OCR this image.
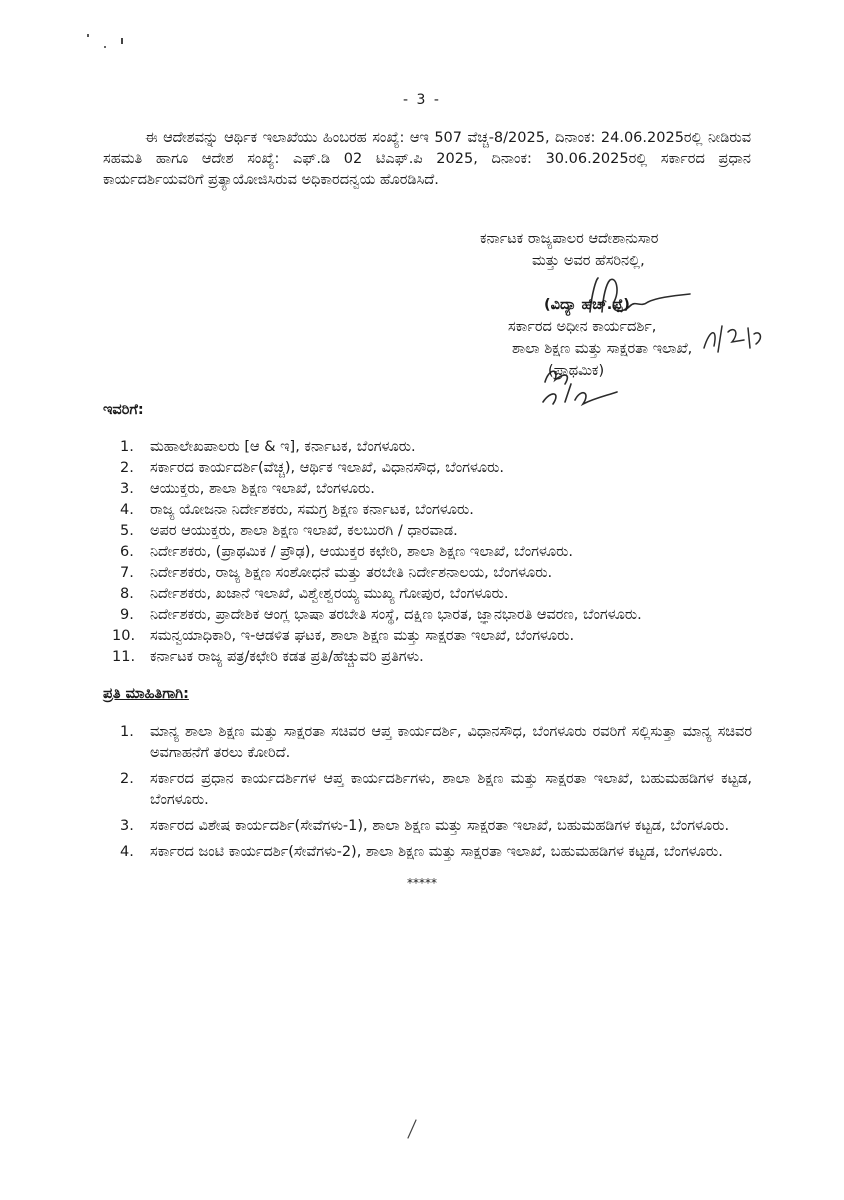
- 3 -

ಈ ಆದೇಶವನ್ನು ಆರ್ಥಿಕ ಇಲಾಖೆಯು ಹಿಂಬರಹ ಸಂಖ್ಯೆ: ಆಇ 507 ವೆಚ್ಚ-8/2025, ದಿನಾಂಕ: 24.06.2025ರಲ್ಲಿ ನೀಡಿರುವ ಸಹಮತಿ ಹಾಗೂ ಆದೇಶ ಸಂಖ್ಯೆ: ಎಫ್.ಡಿ 02 ಟಿಎಫ್.ಪಿ 2025, ದಿನಾಂಕ: 30.06.2025ರಲ್ಲಿ ಸರ್ಕಾರದ ಪ್ರಧಾನ ಕಾರ್ಯದರ್ಶಿಯವರಿಗೆ ಪ್ರತ್ಯಾಯೋಜಿಸಿರುವ ಅಧಿಕಾರದನ್ವಯ ಹೊರಡಿಸಿದೆ.

ಕರ್ನಾಟಕ ರಾಜ್ಯಪಾಲರ ಆದೇಶಾನುಸಾರ
ಮತ್ತು ಅವರ ಹೆಸರಿನಲ್ಲಿ,
(ವಿದ್ಯಾ ಹೆಚ್.ಪ್ಪೆ)
ಸರ್ಕಾರದ ಅಧೀನ ಕಾರ್ಯದರ್ಶಿ,
ಶಾಲಾ ಶಿಕ್ಷಣ ಮತ್ತು ಸಾಕ್ಷರತಾ ಇಲಾಖೆ,
(ಪ್ರಾಥಮಿಕ)
ಇವರಿಗೆ:
1. ಮಹಾಲೇಖಪಾಲರು [ಆ & ಇ], ಕರ್ನಾಟಕ, ಬೆಂಗಳೂರು.
2. ಸರ್ಕಾರದ ಕಾರ್ಯದರ್ಶಿ(ವೆಚ್ಚ), ಆರ್ಥಿಕ ಇಲಾಖೆ, ವಿಧಾನಸೌಧ, ಬೆಂಗಳೂರು.
3. ಆಯುಕ್ತರು, ಶಾಲಾ ಶಿಕ್ಷಣ ಇಲಾಖೆ, ಬೆಂಗಳೂರು.
4. ರಾಜ್ಯ ಯೋಜನಾ ನಿರ್ದೇಶಕರು, ಸಮಗ್ರ ಶಿಕ್ಷಣ ಕರ್ನಾಟಕ, ಬೆಂಗಳೂರು.
5. ಅಪರ ಆಯುಕ್ತರು, ಶಾಲಾ ಶಿಕ್ಷಣ ಇಲಾಖೆ, ಕಲಬುರಗಿ / ಧಾರವಾಡ.
6. ನಿರ್ದೇಶಕರು, (ಪ್ರಾಥಮಿಕ / ಪ್ರೌಢ), ಆಯುಕ್ತರ ಕಛೇರಿ, ಶಾಲಾ ಶಿಕ್ಷಣ ಇಲಾಖೆ, ಬೆಂಗಳೂರು.
7. ನಿರ್ದೇಶಕರು, ರಾಜ್ಯ ಶಿಕ್ಷಣ ಸಂಶೋಧನೆ ಮತ್ತು ತರಬೇತಿ ನಿರ್ದೇಶನಾಲಯ, ಬೆಂಗಳೂರು.
8. ನಿರ್ದೇಶಕರು, ಖಜಾನೆ ಇಲಾಖೆ, ವಿಶ್ವೇಶ್ವರಯ್ಯ ಮುಖ್ಯ ಗೋಪುರ, ಬೆಂಗಳೂರು.
9. ನಿರ್ದೇಶಕರು, ಪ್ರಾದೇಶಿಕ ಆಂಗ್ಲ ಭಾಷಾ ತರಬೇತಿ ಸಂಸ್ಥೆ, ದಕ್ಷಿಣ ಭಾರತ, ಜ್ಞಾನಭಾರತಿ ಆವರಣ, ಬೆಂಗಳೂರು.
10. ಸಮನ್ವಯಾಧಿಕಾರಿ, ಇ-ಆಡಳಿತ ಘಟಕ, ಶಾಲಾ ಶಿಕ್ಷಣ ಮತ್ತು ಸಾಕ್ಷರತಾ ಇಲಾಖೆ, ಬೆಂಗಳೂರು.
11. ಕರ್ನಾಟಕ ರಾಜ್ಯ ಪತ್ರ/ಕಛೇರಿ ಕಡತ ಪ್ರತಿ/ಹೆಚ್ಚುವರಿ ಪ್ರತಿಗಳು.
ಪ್ರತಿ ಮಾಹಿತಿಗಾಗಿ:
1. ಮಾನ್ಯ ಶಾಲಾ ಶಿಕ್ಷಣ ಮತ್ತು ಸಾಕ್ಷರತಾ ಸಚಿವರ ಆಪ್ತ ಕಾರ್ಯದರ್ಶಿ, ವಿಧಾನಸೌಧ, ಬೆಂಗಳೂರು ರವರಿಗೆ ಸಲ್ಲಿಸುತ್ತಾ ಮಾನ್ಯ ಸಚಿವರ ಅವಗಾಹನೆಗೆ ತರಲು ಕೋರಿದೆ.
2. ಸರ್ಕಾರದ ಪ್ರಧಾನ ಕಾರ್ಯದರ್ಶಿಗಳ ಆಪ್ತ ಕಾರ್ಯದರ್ಶಿಗಳು, ಶಾಲಾ ಶಿಕ್ಷಣ ಮತ್ತು ಸಾಕ್ಷರತಾ ಇಲಾಖೆ, ಬಹುಮಹಡಿಗಳ ಕಟ್ಟಡ, ಬೆಂಗಳೂರು.
3. ಸರ್ಕಾರದ ವಿಶೇಷ ಕಾರ್ಯದರ್ಶಿ(ಸೇವೆಗಳು-1), ಶಾಲಾ ಶಿಕ್ಷಣ ಮತ್ತು ಸಾಕ್ಷರತಾ ಇಲಾಖೆ, ಬಹುಮಹಡಿಗಳ ಕಟ್ಟಡ, ಬೆಂಗಳೂರು.
4. ಸರ್ಕಾರದ ಜಂಟಿ ಕಾರ್ಯದರ್ಶಿ(ಸೇವೆಗಳು-2), ಶಾಲಾ ಶಿಕ್ಷಣ ಮತ್ತು ಸಾಕ್ಷರತಾ ಇಲಾಖೆ, ಬಹುಮಹಡಿಗಳ ಕಟ್ಟಡ, ಬೆಂಗಳೂರು.
*****
